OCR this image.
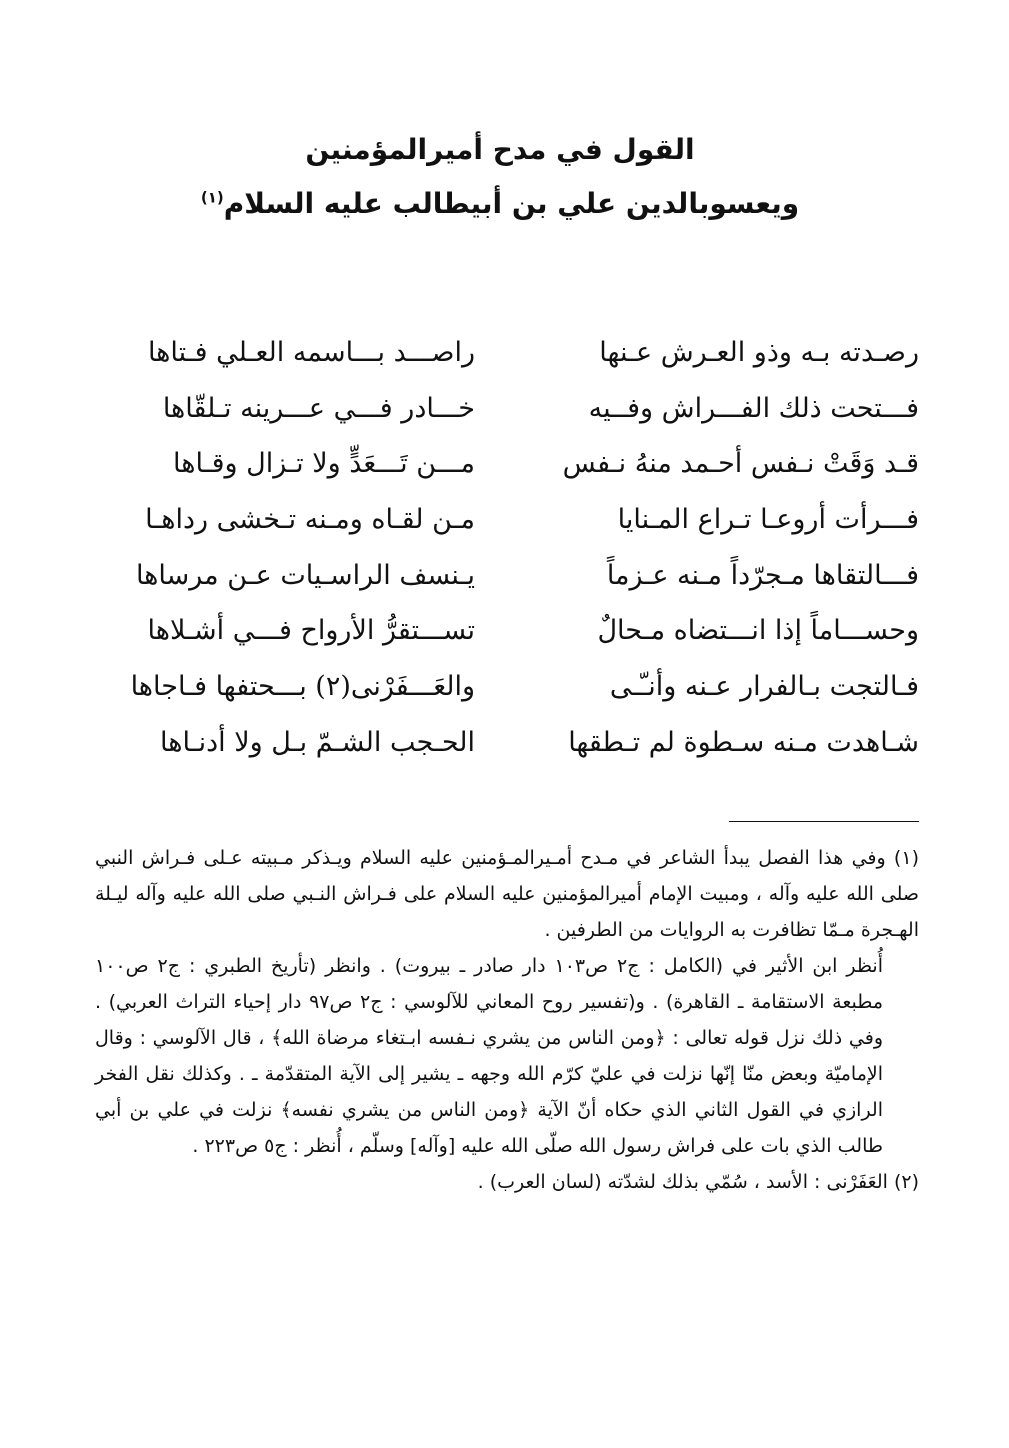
القول في مدح أميرالمؤمنين
ويعسوبالدين علي بن أبيطالب عليه السلام$^{(١)}$
رصـدته بـه وذو العـرش عـنها
راصـــد بـــاسمه العـلي فـتاها
فـــتحت ذلك الفـــراش وفــيه
خـــادر فـــي عـــرينه تـلقّاها
قـد وَقَتْ نـفس أحـمد منهُ نـفس
مـــن تَـــعَدٍّ ولا تـزال وقـاها
فـــرأت أروعـا تـراع المـنايا
مـن لقـاه ومـنه تـخشى رداهـا
فـــالتقاها مـجرّداً مـنه عـزماً
يـنسف الراسـيات عـن مرساها
وحســـاماً إذا انـــتضاه مـحالٌ
تســـتقرُّ الأرواح فـــي أشـلاها
فـالتجت بـالفرار عـنه وأنـّـى
والعَـــفَرْنى(٢) بـــحتفها فـاجاها
شـاهدت مـنه سـطوة لم تـطقها
الحـجب الشـمّ بـل ولا أدنـاها

(١) وفي هذا الفصل يبدأ الشاعر في مـدح أمـيرالمـؤمنين عليه السلام ويـذكر مـبيته عـلى فـراش النبي صلى الله عليه وآله ، ومبيت الإمام أميرالمؤمنين عليه السلام على فـراش النـبي صلى الله عليه وآله ليـلة الهـجرة مـمّا تظافرت به الروايات من الطرفين .

أُنظر ابن الأثير في (الكامل : ج٢ ص١٠٣ دار صادر ـ بيروت) . وانظر (تأريخ الطبري : ج٢ ص١٠٠ مطبعة الاستقامة ـ القاهرة) . و(تفسير روح المعاني للآلوسي : ج٢ ص٩٧ دار إحياء التراث العربي) . وفي ذلك نزل قوله تعالى : ﴿ومن الناس من يشري نـفسه ابـتغاء مرضاة الله﴾ ، قال الآلوسي : وقال الإماميّة وبعض منّا إنّها نزلت في عليّ كرّم الله وجهه ـ يشير إلى الآية المتقدّمة ـ . وكذلك نقل الفخر الرازي في القول الثاني الذي حكاه أنّ الآية ﴿ومن الناس من يشري نفسه﴾ نزلت في علي بن أبي طالب الذي بات على فراش رسول الله صلّى الله عليه [وآله] وسلّم ، أُنظر : ج٥ ص٢٢٣ .

(٢) العَفَرْنى : الأسد ، سُمّي بذلك لشدّته (لسان العرب) .
